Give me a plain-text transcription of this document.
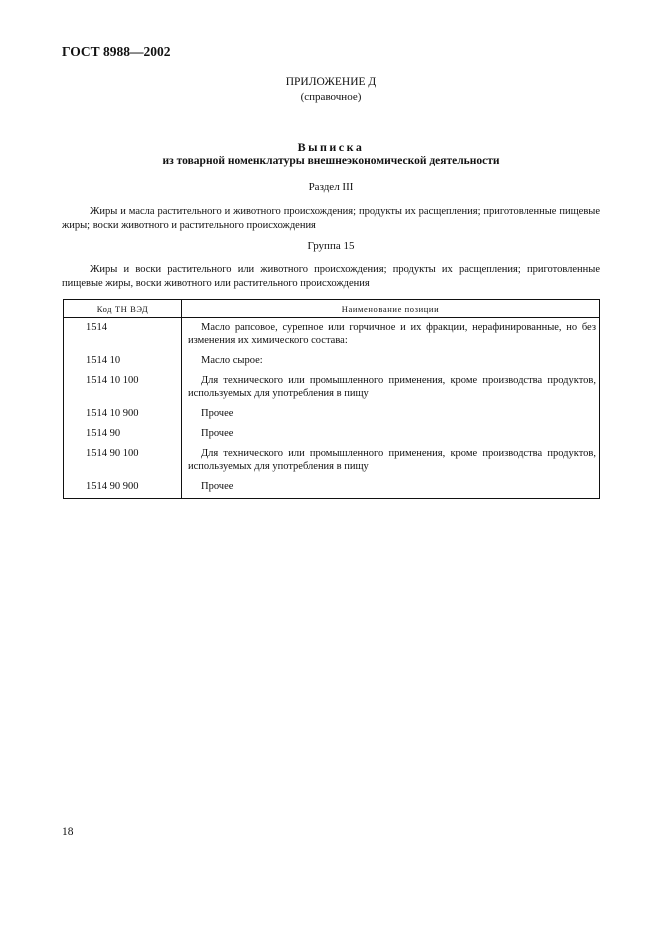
ГОСТ 8988—2002
ПРИЛОЖЕНИЕ Д
(справочное)
Выписка
из товарной номенклатуры внешнеэкономической деятельности
Раздел III
Жиры и масла растительного и животного происхождения; продукты их расщепления; приготовленные пищевые жиры; воски животного и растительного происхождения
Группа 15
Жиры и воски растительного или животного происхождения; продукты их расщепления; приготовленные пищевые жиры, воски животного или растительного происхождения
Код ТН ВЭД	Наименование позиции
1514	Масло рапсовое, сурепное или горчичное и их фракции, нерафинированные, но без изменения их химического состава:
1514 10	Масло сырое:
1514 10 100	Для технического или промышленного применения, кроме производства продуктов, используемых для употребления в пищу
1514 10 900	Прочее
1514 90	Прочее
1514 90 100	Для технического или промышленного применения, кроме производства продуктов, используемых для употребления в пищу
1514 90 900	Прочее
18
